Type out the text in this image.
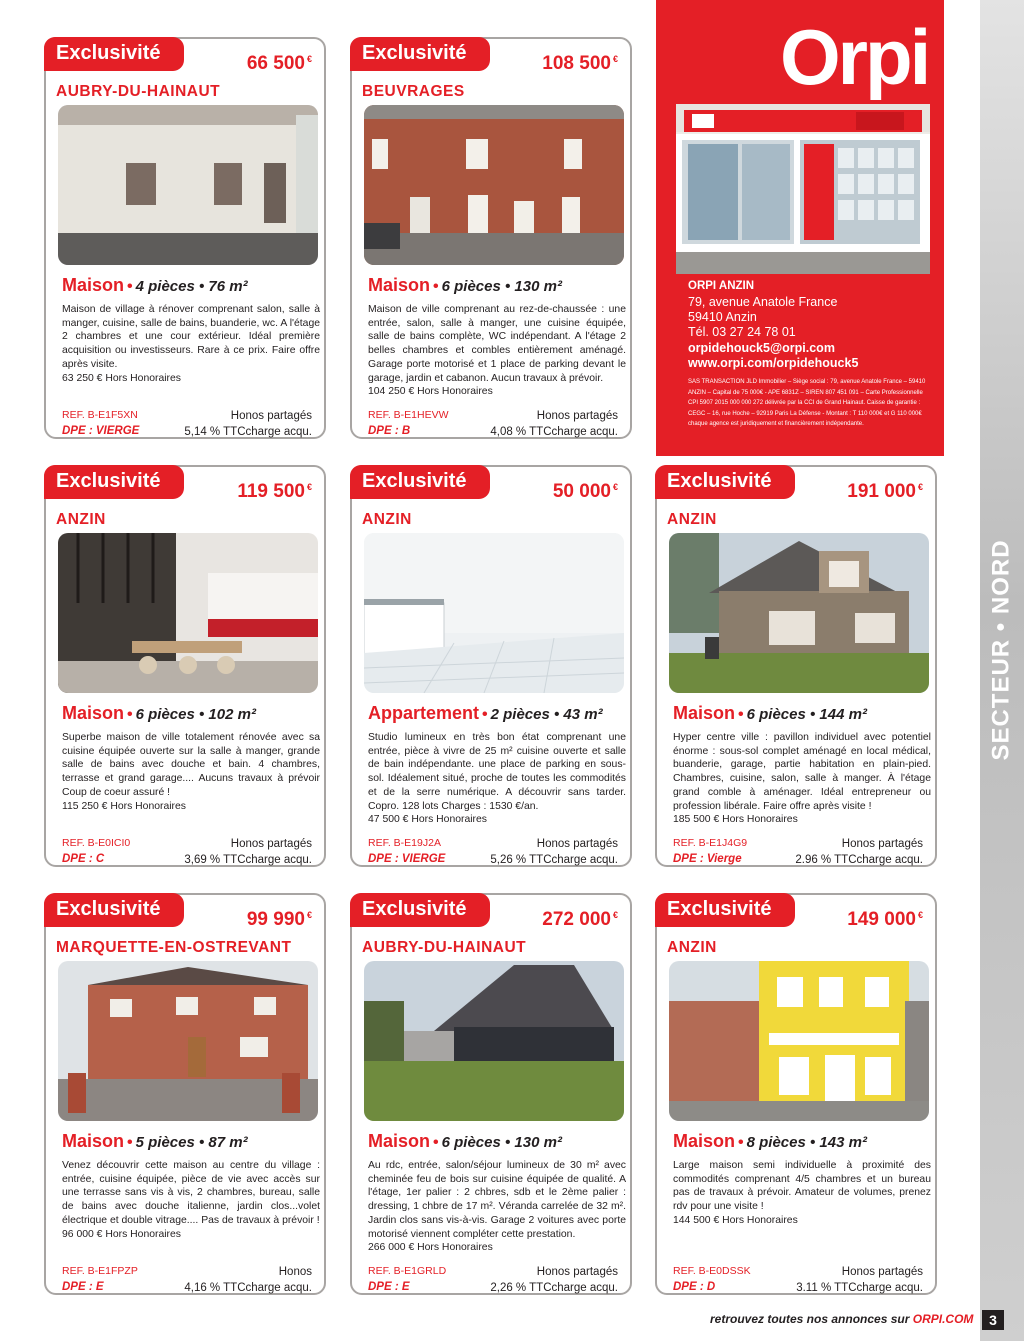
SECTEUR • NORD
Orpi
ORPI ANZIN
79, avenue Anatole France
59410 Anzin
Tél. 03 27 24 78 01
orpidehouck5@orpi.com
www.orpi.com/orpidehouck5
SAS TRANSACTION JLD Immobilier – Siège social : 79, avenue Anatole France – 59410 ANZIN – Capital de 75 000€ - APE 6831Z – SIREN 807 451 091 – Carte Professionnelle CPI 5907 2015 000 000 272 délivrée par la CCI de Grand Hainaut. Caisse de garantie : CEGC – 16, rue Hoche – 92919 Paris La Défense - Montant : T 110 000€ et G 110 000€ chaque agence est juridiquement et financièrement indépendante.
Exclusivité	66 500 €
AUBRY-DU-HAINAUT
Maison • 4 pièces • 76 m²
Maison de village à rénover comprenant salon, salle à manger, cuisine, salle de bains, buanderie, wc. A l'étage 2 chambres et une cour extérieur. Idéal première acquisition ou investisseurs. Rare à ce prix. Faire offre après visite.
63 250 € Hors Honoraires
REF. B-E1F5XN
DPE : VIERGE
Honos partagés
5,14 % TTCcharge acqu.
Exclusivité	108 500 €
BEUVRAGES
Maison • 6 pièces • 130 m²
Maison de ville comprenant au rez-de-chaussée : une entrée, salon, salle à manger, une cuisine équipée, salle de bains complète, WC indépendant. A l'étage 2 belles chambres et combles entièrement aménagé. Garage porte motorisé et 1 place de parking devant le garage, jardin et cabanon. Aucun travaux à prévoir.
104 250 € Hors Honoraires
REF. B-E1HEVW
DPE : B
Honos partagés
4,08 % TTCcharge acqu.
Exclusivité	119 500 €
ANZIN
Maison • 6 pièces • 102 m²
Superbe maison de ville totalement rénovée avec sa cuisine équipée ouverte sur la salle à manger, grande salle de bains avec douche et bain. 4 chambres, terrasse et grand garage.... Aucuns travaux à prévoir Coup de coeur assuré !
115 250 € Hors Honoraires
REF. B-E0ICI0
DPE : C
Honos partagés
3,69 % TTCcharge acqu.
Exclusivité	50 000 €
ANZIN
Appartement • 2 pièces • 43 m²
Studio lumineux en très bon état comprenant une entrée, pièce à vivre de 25 m² cuisine ouverte et salle de bain indépendante. une place de parking en sous-sol. Idéalement situé, proche de toutes les commodités et de la serre numérique. A découvrir sans tarder. Copro. 128 lots Charges : 1530 €/an.
47 500 € Hors Honoraires
REF. B-E19J2A
DPE : VIERGE
Honos partagés
5,26 % TTCcharge acqu.
Exclusivité	191 000 €
ANZIN
Maison • 6 pièces • 144 m²
Hyper centre ville : pavillon individuel avec potentiel énorme : sous-sol complet aménagé en local médical, buanderie, garage, partie habitation en plain-pied. Chambres, cuisine, salon, salle à manger. À l'étage grand comble à aménager. Idéal entrepreneur ou profession libérale. Faire offre après visite !
185 500 € Hors Honoraires
REF. B-E1J4G9
DPE : Vierge
Honos partagés
2.96 % TTCcharge acqu.
Exclusivité	99 990 €
MARQUETTE-EN-OSTREVANT
Maison • 5 pièces • 87 m²
Venez découvrir cette maison au centre du village : entrée, cuisine équipée, pièce de vie avec accès sur une terrasse sans vis à vis, 2 chambres, bureau, salle de bains avec douche italienne, jardin clos...volet électrique et double vitrage.... Pas de travaux à prévoir !
96 000 € Hors Honoraires
REF. B-E1FPZP
DPE : E
Honos
4,16 % TTCcharge acqu.
Exclusivité	272 000 €
AUBRY-DU-HAINAUT
Maison • 6 pièces • 130 m²
Au rdc, entrée, salon/séjour lumineux de 30 m² avec cheminée feu de bois sur cuisine équipée de qualité. A l'étage, 1er palier : 2 chbres, sdb et le 2ème palier : dressing, 1 chbre de 17 m². Véranda carrelée de 32 m². Jardin clos sans vis-à-vis. Garage 2 voitures avec porte motorisé viennent compléter cette prestation.
266 000 € Hors Honoraires
REF. B-E1GRLD
DPE : E
Honos partagés
2,26 % TTCcharge acqu.
Exclusivité	149 000 €
ANZIN
Maison • 8 pièces • 143 m²
Large maison semi individuelle à proximité des commodités comprenant 4/5 chambres et un bureau pas de travaux à prévoir. Amateur de volumes, prenez rdv pour une visite !
144 500 € Hors Honoraires
REF. B-E0DSSK
DPE : D
Honos partagés
3.11 % TTCcharge acqu.
retrouvez toutes nos annonces sur ORPI.COM	3
